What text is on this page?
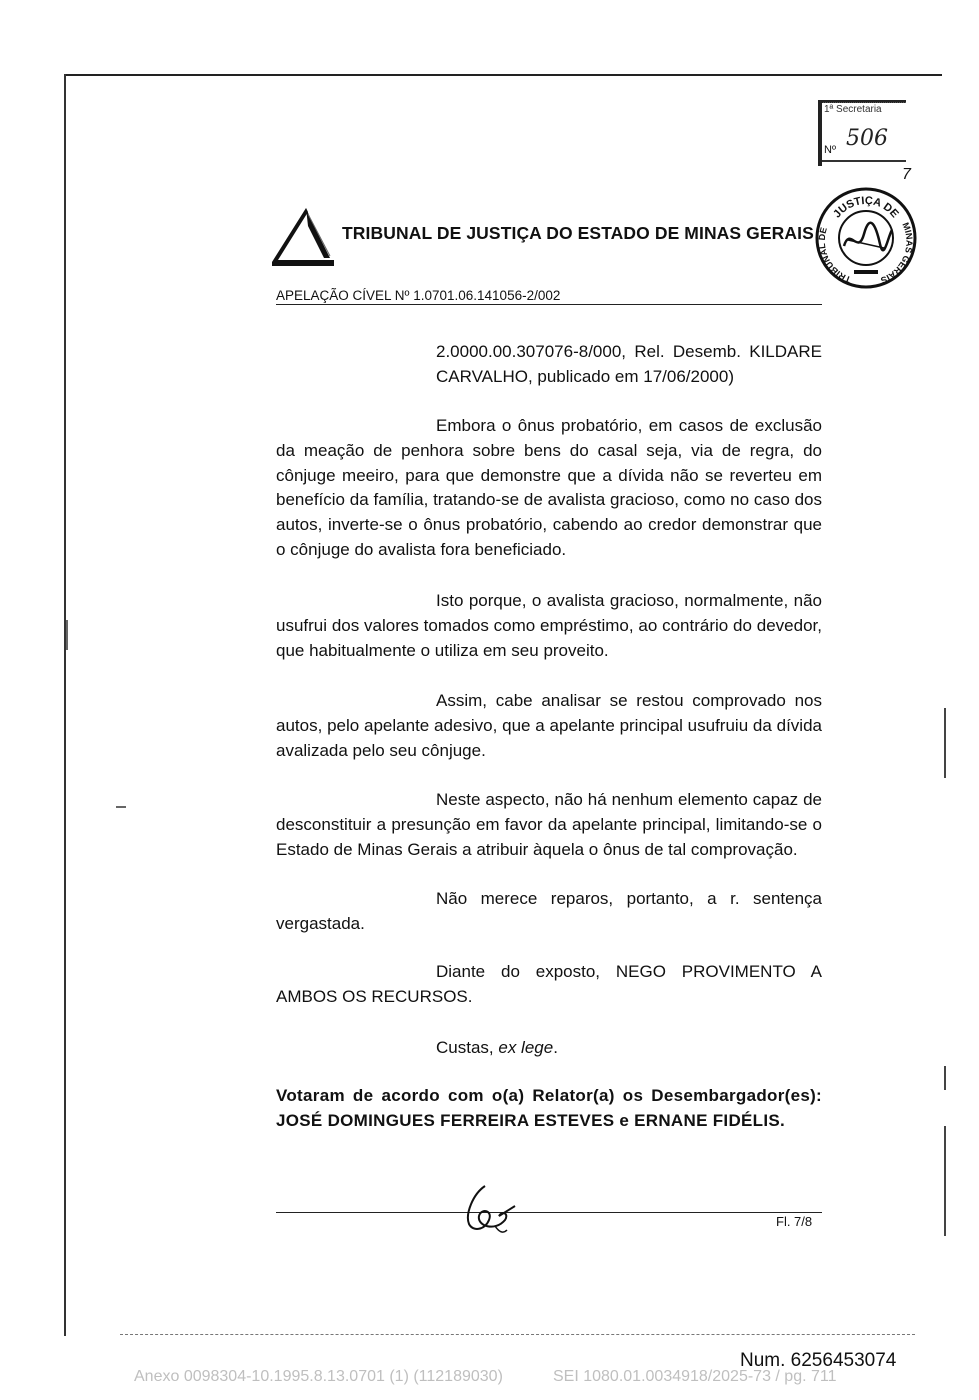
1ª Secretaria
Nº 506
7
TRIBUNAL DE JUSTIÇA DO ESTADO DE MINAS GERAIS
JUSTIÇA DE
TRIBUNAL DE	MINAS GERAIS
APELAÇÃO CÍVEL Nº 1.0701.06.141056-2/002

2.0000.00.307076-8/000, Rel. Desemb. KILDARE CARVALHO, publicado em 17/06/2000)

Embora o ônus probatório, em casos de exclusão da meação de penhora sobre bens do casal seja, via de regra, do cônjuge meeiro, para que demonstre que a dívida não se reverteu em benefício da família, tratando-se de avalista gracioso, como no caso dos autos, inverte-se o ônus probatório, cabendo ao credor demonstrar que o cônjuge do avalista fora beneficiado.

Isto porque, o avalista gracioso, normalmente, não usufrui dos valores tomados como empréstimo, ao contrário do devedor, que habitualmente o utiliza em seu proveito.

Assim, cabe analisar se restou comprovado nos autos, pelo apelante adesivo, que a apelante principal usufruiu da dívida avalizada pelo seu cônjuge.

Neste aspecto, não há nenhum elemento capaz de desconstituir a presunção em favor da apelante principal, limitando-se o Estado de Minas Gerais a atribuir àquela o ônus de tal comprovação.

Não merece reparos, portanto, a r. sentença vergastada.

Diante do exposto, NEGO PROVIMENTO A AMBOS OS RECURSOS.

Custas, ex lege.

Votaram de acordo com o(a) Relator(a) os Desembargador(es): JOSÉ DOMINGUES FERREIRA ESTEVES e ERNANE FIDÉLIS.

Fl. 7/8
Num. 6256453074
Anexo 0098304-10.1995.8.13.0701 (1) (112189030)	SEI 1080.01.0034918/2025-73 / pg. 711
